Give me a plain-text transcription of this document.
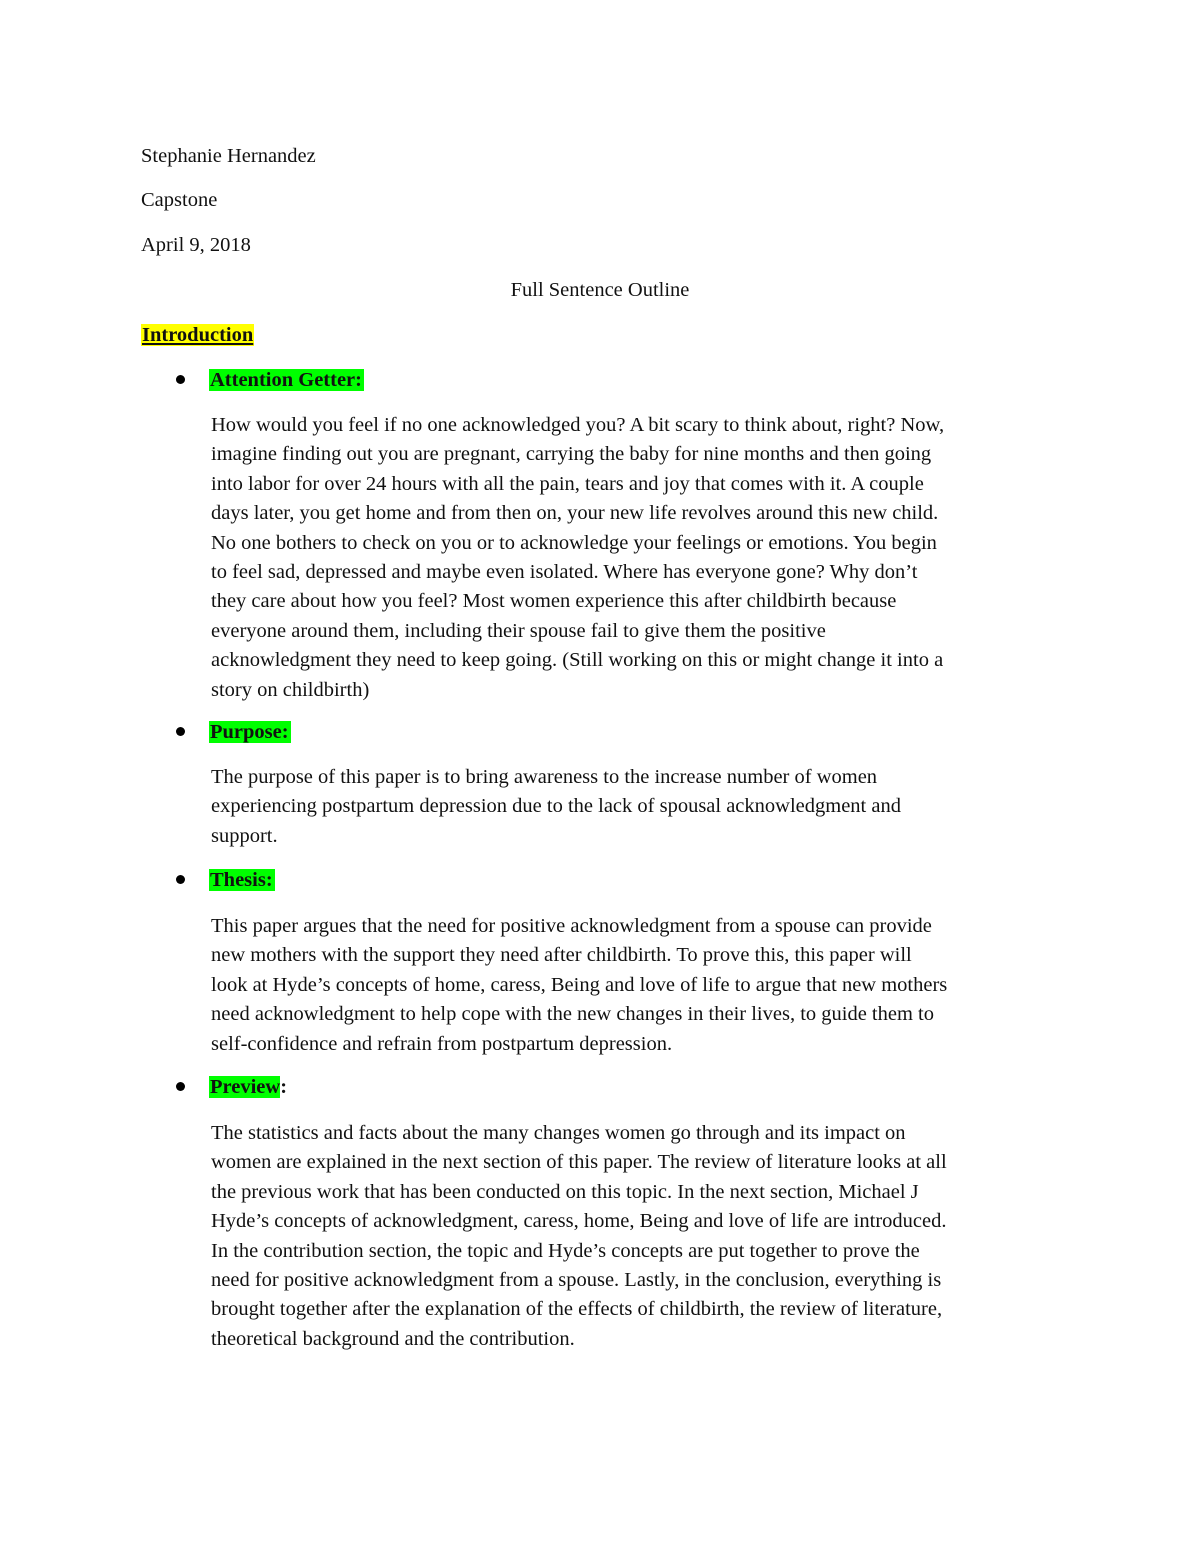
Stephanie Hernandez
Capstone
April 9, 2018
Full Sentence Outline
Introduction
Attention Getter:
How would you feel if no one acknowledged you? A bit scary to think about, right? Now,
imagine finding out you are pregnant, carrying the baby for nine months and then going
into labor for over 24 hours with all the pain, tears and joy that comes with it. A couple
days later, you get home and from then on, your new life revolves around this new child.
No one bothers to check on you or to acknowledge your feelings or emotions. You begin
to feel sad, depressed and maybe even isolated. Where has everyone gone? Why don’t
they care about how you feel? Most women experience this after childbirth because
everyone around them, including their spouse fail to give them the positive
acknowledgment they need to keep going. (Still working on this or might change it into a
story on childbirth)
Purpose:
The purpose of this paper is to bring awareness to the increase number of women
experiencing postpartum depression due to the lack of spousal acknowledgment and
support.
Thesis:
This paper argues that the need for positive acknowledgment from a spouse can provide
new mothers with the support they need after childbirth. To prove this, this paper will
look at Hyde’s concepts of home, caress, Being and love of life to argue that new mothers
need acknowledgment to help cope with the new changes in their lives, to guide them to
self-confidence and refrain from postpartum depression.
Preview:
The statistics and facts about the many changes women go through and its impact on
women are explained in the next section of this paper. The review of literature looks at all
the previous work that has been conducted on this topic. In the next section, Michael J
Hyde’s concepts of acknowledgment, caress, home, Being and love of life are introduced.
In the contribution section, the topic and Hyde’s concepts are put together to prove the
need for positive acknowledgment from a spouse. Lastly, in the conclusion, everything is
brought together after the explanation of the effects of childbirth, the review of literature,
theoretical background and the contribution.
